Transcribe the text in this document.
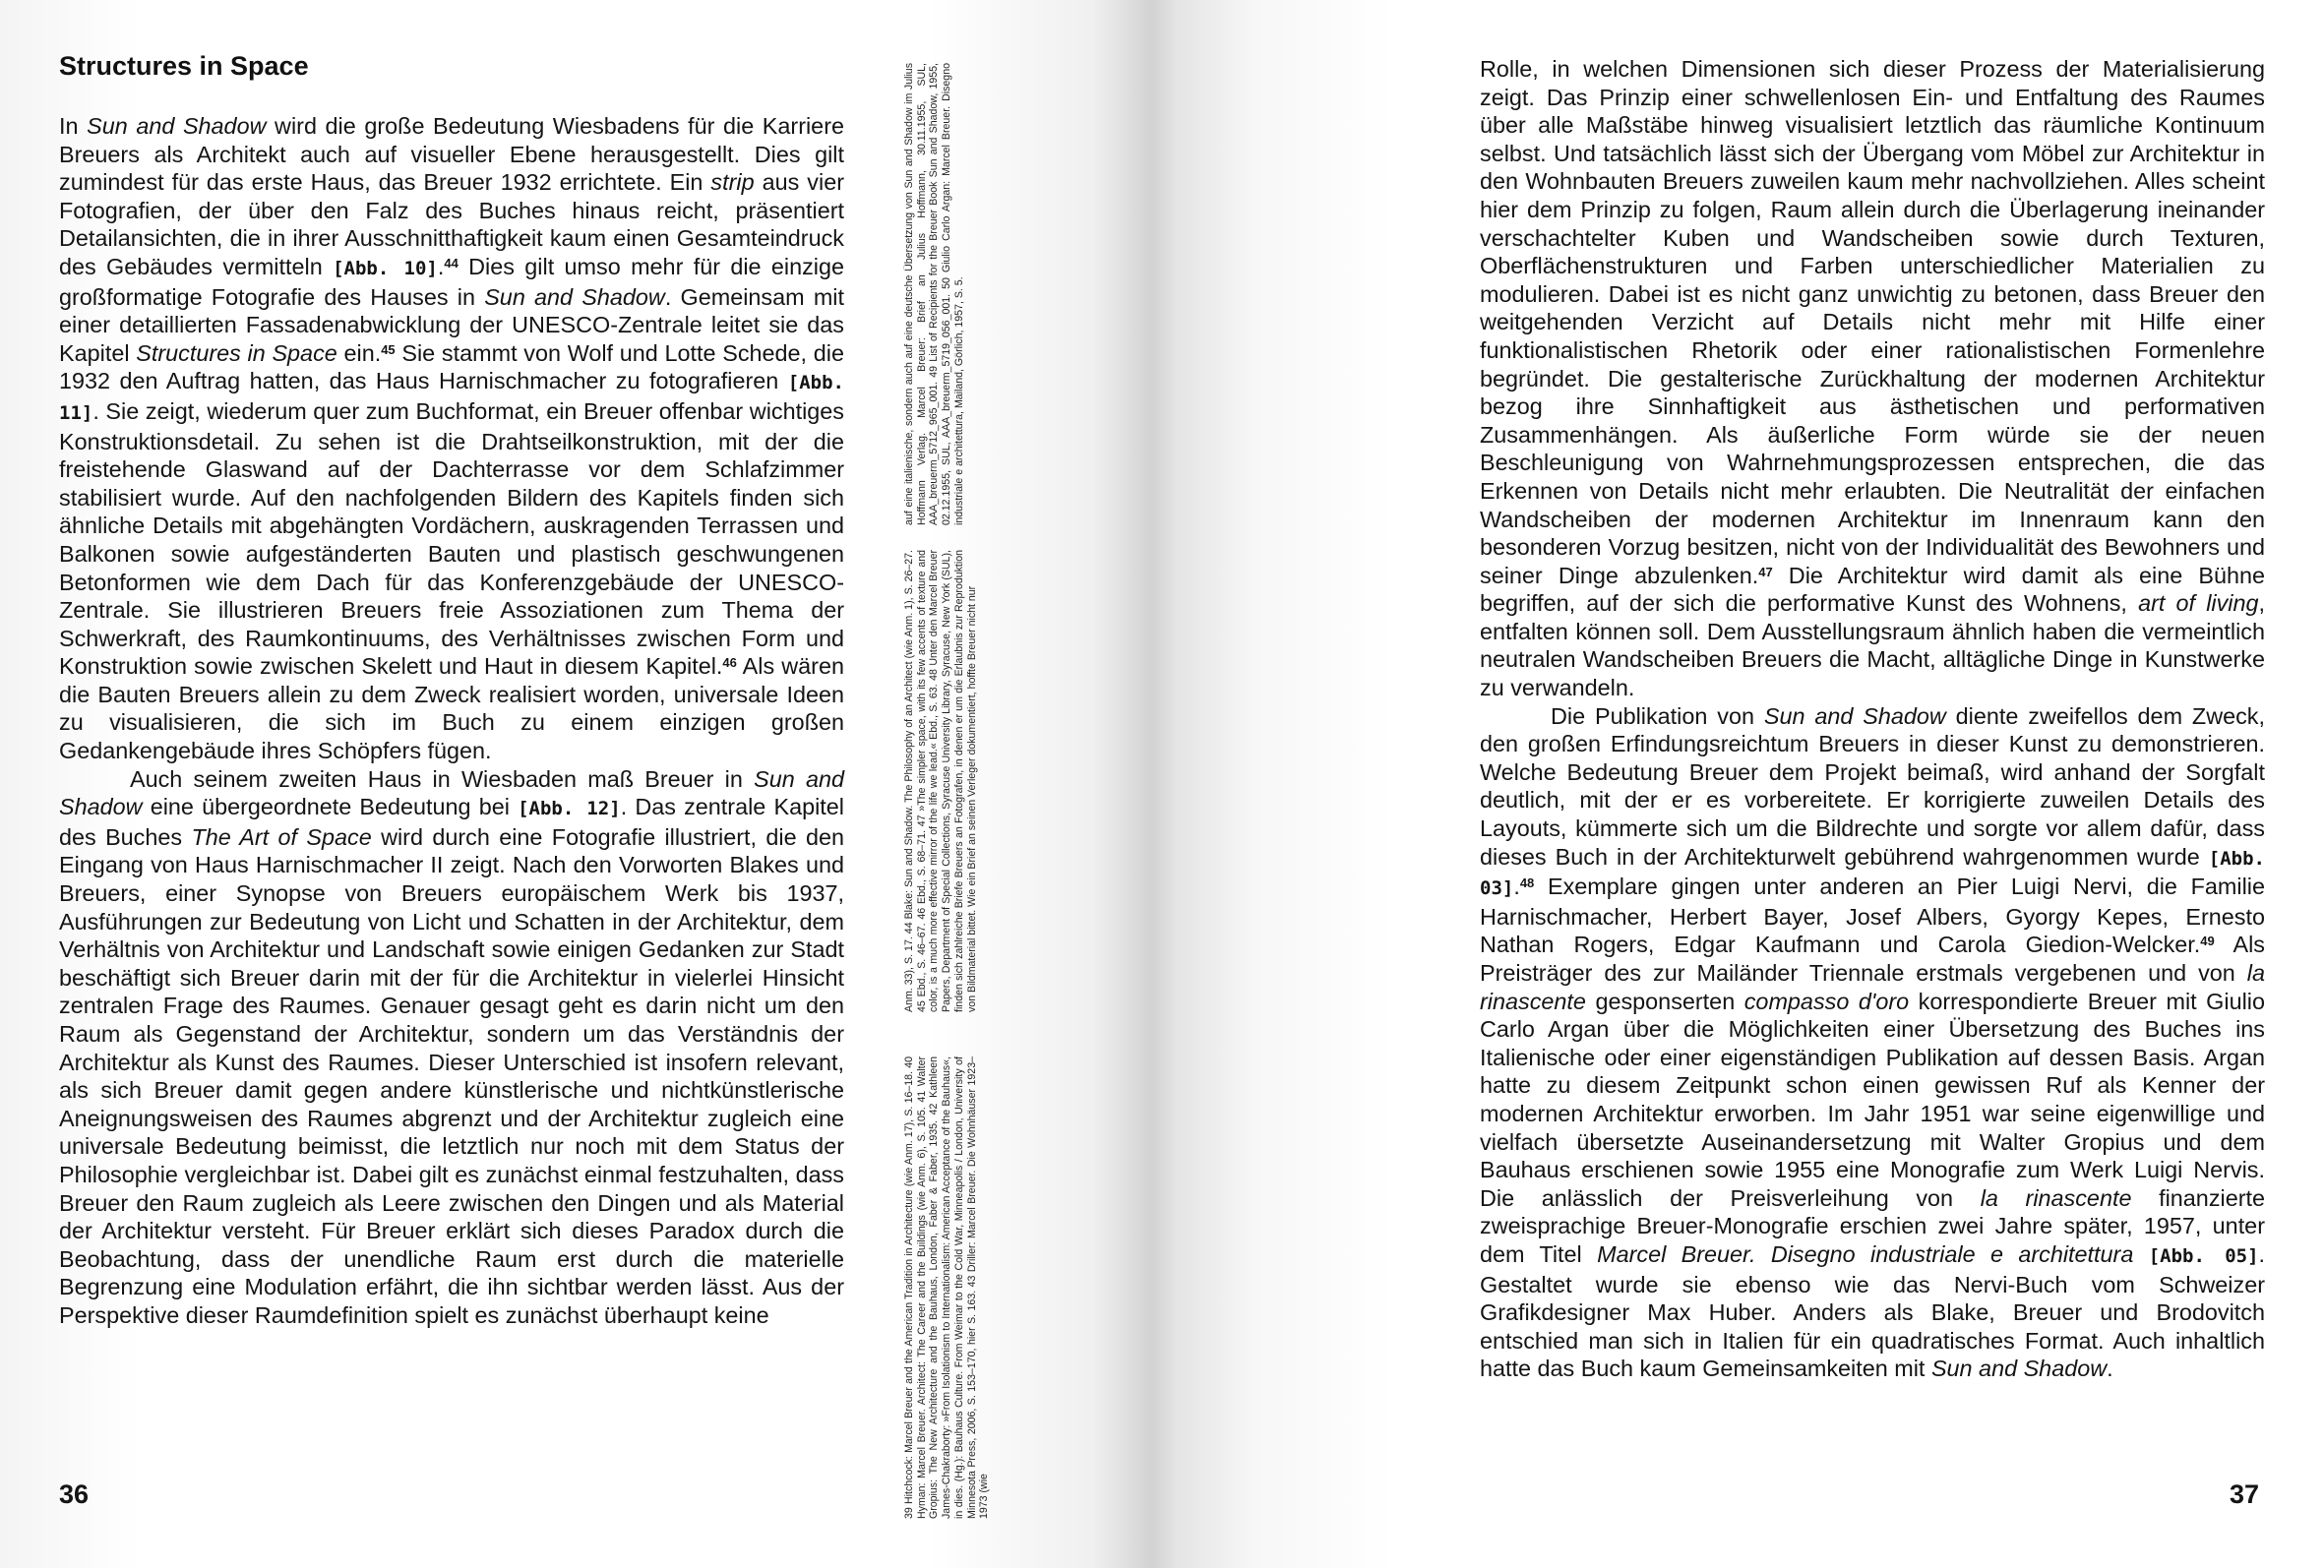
Structures in Space

In Sun and Shadow wird die große Bedeutung Wiesbadens für die Karriere Breuers als Architekt auch auf visueller Ebene herausgestellt. Dies gilt zumindest für das erste Haus, das Breuer 1932 errichtete. Ein strip aus vier Fotografien, der über den Falz des Buches hinaus reicht, präsentiert Detailansichten, die in ihrer Ausschnitthaftigkeit kaum einen Gesamteindruck des Gebäudes vermitteln [Abb. 10].$^{44}$ Dies gilt umso mehr für die einzige großformatige Fotografie des Hauses in Sun and Shadow. Gemeinsam mit einer detaillierten Fassadenabwicklung der UNESCO-Zentrale leitet sie das Kapitel Structures in Space ein.$^{45}$ Sie stammt von Wolf und Lotte Schede, die 1932 den Auftrag hatten, das Haus Harnischmacher zu fotografieren [Abb. 11]. Sie zeigt, wiederum quer zum Buchformat, ein Breuer offenbar wichtiges Konstruktionsdetail. Zu sehen ist die Drahtseilkonstruktion, mit der die freistehende Glaswand auf der Dachterrasse vor dem Schlafzimmer stabilisiert wurde. Auf den nachfolgenden Bildern des Kapitels finden sich ähnliche Details mit abgehängten Vordächern, auskragenden Terrassen und Balkonen sowie aufgeständerten Bauten und plastisch geschwungenen Betonformen wie dem Dach für das Konferenzgebäude der UNESCO-Zentrale. Sie illustrieren Breuers freie Assoziationen zum Thema der Schwerkraft, des Raumkontinuums, des Verhältnisses zwischen Form und Konstruktion sowie zwischen Skelett und Haut in diesem Kapitel.$^{46}$ Als wären die Bauten Breuers allein zu dem Zweck realisiert worden, universale Ideen zu visualisieren, die sich im Buch zu einem einzigen großen Gedankengebäude ihres Schöpfers fügen.

Auch seinem zweiten Haus in Wiesbaden maß Breuer in Sun and Shadow eine übergeordnete Bedeutung bei [Abb. 12]. Das zentrale Kapitel des Buches The Art of Space wird durch eine Fotografie illustriert, die den Eingang von Haus Harnischmacher II zeigt. Nach den Vorworten Blakes und Breuers, einer Synopse von Breuers europäischem Werk bis 1937, Ausführungen zur Bedeutung von Licht und Schatten in der Architektur, dem Verhältnis von Architektur und Landschaft sowie einigen Gedanken zur Stadt beschäftigt sich Breuer darin mit der für die Architektur in vielerlei Hinsicht zentralen Frage des Raumes. Genauer gesagt geht es darin nicht um den Raum als Gegenstand der Architektur, sondern um das Verständnis der Architektur als Kunst des Raumes. Dieser Unterschied ist insofern relevant, als sich Breuer damit gegen andere künstlerische und nichtkünstlerische Aneignungsweisen des Raumes abgrenzt und der Architektur zugleich eine universale Bedeutung beimisst, die letztlich nur noch mit dem Status der Philosophie vergleichbar ist. Dabei gilt es zunächst einmal festzuhalten, dass Breuer den Raum zugleich als Leere zwischen den Dingen und als Material der Architektur versteht. Für Breuer erklärt sich dieses Paradox durch die Beobachtung, dass der unendliche Raum erst durch die materielle Begrenzung eine Modulation erfährt, die ihn sichtbar werden lässt. Aus der Perspektive dieser Raumdefinition spielt es zunächst überhaupt keine

36	39 Hitchcock: Marcel Breuer and the American Tradition in Architecture (wie Anm. 17), S. 16–18. 40 Hyman: Marcel Breuer. Architect: The Career and the Buildings (wie Anm. 6), S. 105. 41 Walter Gropius: The New Architecture and the Bauhaus, London, Faber & Faber, 1935. 42 Kathleen James-Chakraborty: »From Isolationism to Internationalism: American Acceptance of the Bauhaus«, in dies. (Hg.): Bauhaus Culture. From Weimar to the Cold War, Minneapolis / London, University of Minnesota Press, 2006, S. 153–170, hier S. 163. 43 Driller: Marcel Breuer. Die Wohnhäuser 1923–1973 (wie
Anm. 33), S. 17. 44 Blake: Sun and Shadow. The Philosophy of an Architect (wie Anm. 1), S. 26–27. 45 Ebd., S. 46–67. 46 Ebd., S. 68–71. 47 »The simpler space, with its few accents of texture and color, is a much more effective mirror of the life we lead.« Ebd., S. 63. 48 Unter den Marcel Breuer Papers, Department of Special Collections, Syracuse University Library, Syracuse, New York (SUL), finden sich zahlreiche Briefe Breuers an Fotografen, in denen er um die Erlaubnis zur Reproduktion von Bildmaterial bittet. Wie ein Brief an seinen Verleger dokumentiert, hoffte Breuer nicht nur
auf eine italienische, sondern auch auf eine deutsche Übersetzung von Sun and Shadow im Julius Hoffmann Verlag. Marcel Breuer: Brief an Julius Hoffmann, 30.11.1955, SUL, AAA_breuerm_5712_965_001. 49 List of Recipients for the Breuer Book Sun and Shadow, 1955, 02.12.1955, SUL, AAA_breuerm_5719_056_001. 50 Giulio Carlo Argan: Marcel Breuer. Disegno industriale e architettura, Mailand, Görlich, 1957, S. 5.

Rolle, in welchen Dimensionen sich dieser Prozess der Materialisierung zeigt. Das Prinzip einer schwellenlosen Ein- und Entfaltung des Raumes über alle Maßstäbe hinweg visualisiert letztlich das räumliche Kontinuum selbst. Und tatsächlich lässt sich der Übergang vom Möbel zur Architektur in den Wohnbauten Breuers zuweilen kaum mehr nachvollziehen. Alles scheint hier dem Prinzip zu folgen, Raum allein durch die Überlagerung ineinander verschachtelter Kuben und Wandscheiben sowie durch Texturen, Oberflächenstrukturen und Farben unterschiedlicher Materialien zu modulieren. Dabei ist es nicht ganz unwichtig zu betonen, dass Breuer den weitgehenden Verzicht auf Details nicht mehr mit Hilfe einer funktionalistischen Rhetorik oder einer rationalistischen Formenlehre begründet. Die gestalterische Zurückhaltung der modernen Architektur bezog ihre Sinnhaftigkeit aus ästhetischen und performativen Zusammenhängen. Als äußerliche Form würde sie der neuen Beschleunigung von Wahrnehmungsprozessen entsprechen, die das Erkennen von Details nicht mehr erlaubten. Die Neutralität der einfachen Wandscheiben der modernen Architektur im Innenraum kann den besonderen Vorzug besitzen, nicht von der Individualität des Bewohners und seiner Dinge abzulenken.$^{47}$ Die Architektur wird damit als eine Bühne begriffen, auf der sich die performative Kunst des Wohnens, art of living, entfalten können soll. Dem Ausstellungsraum ähnlich haben die vermeintlich neutralen Wandscheiben Breuers die Macht, alltägliche Dinge in Kunstwerke zu verwandeln.

Die Publikation von Sun and Shadow diente zweifellos dem Zweck, den großen Erfindungsreichtum Breuers in dieser Kunst zu demonstrieren. Welche Bedeutung Breuer dem Projekt beimaß, wird anhand der Sorgfalt deutlich, mit der er es vorbereitete. Er korrigierte zuweilen Details des Layouts, kümmerte sich um die Bildrechte und sorgte vor allem dafür, dass dieses Buch in der Architekturwelt gebührend wahrgenommen wurde [Abb. 03].$^{48}$ Exemplare gingen unter anderen an Pier Luigi Nervi, die Familie Harnischmacher, Herbert Bayer, Josef Albers, Gyorgy Kepes, Ernesto Nathan Rogers, Edgar Kaufmann und Carola Giedion-Welcker.$^{49}$ Als Preisträger des zur Mailänder Triennale erstmals vergebenen und von la rinascente gesponserten compasso d'oro korrespondierte Breuer mit Giulio Carlo Argan über die Möglichkeiten einer Übersetzung des Buches ins Italienische oder einer eigenständigen Publikation auf dessen Basis. Argan hatte zu diesem Zeitpunkt schon einen gewissen Ruf als Kenner der modernen Architektur erworben. Im Jahr 1951 war seine eigenwillige und vielfach übersetzte Auseinandersetzung mit Walter Gropius und dem Bauhaus erschienen sowie 1955 eine Monografie zum Werk Luigi Nervis. Die anlässlich der Preisverleihung von la rinascente finanzierte zweisprachige Breuer-Monografie erschien zwei Jahre später, 1957, unter dem Titel Marcel Breuer. Disegno industriale e architettura [Abb. 05]. Gestaltet wurde sie ebenso wie das Nervi-Buch vom Schweizer Grafikdesigner Max Huber. Anders als Blake, Breuer und Brodovitch entschied man sich in Italien für ein quadratisches Format. Auch inhaltlich hatte das Buch kaum Gemeinsamkeiten mit Sun and Shadow.

37
